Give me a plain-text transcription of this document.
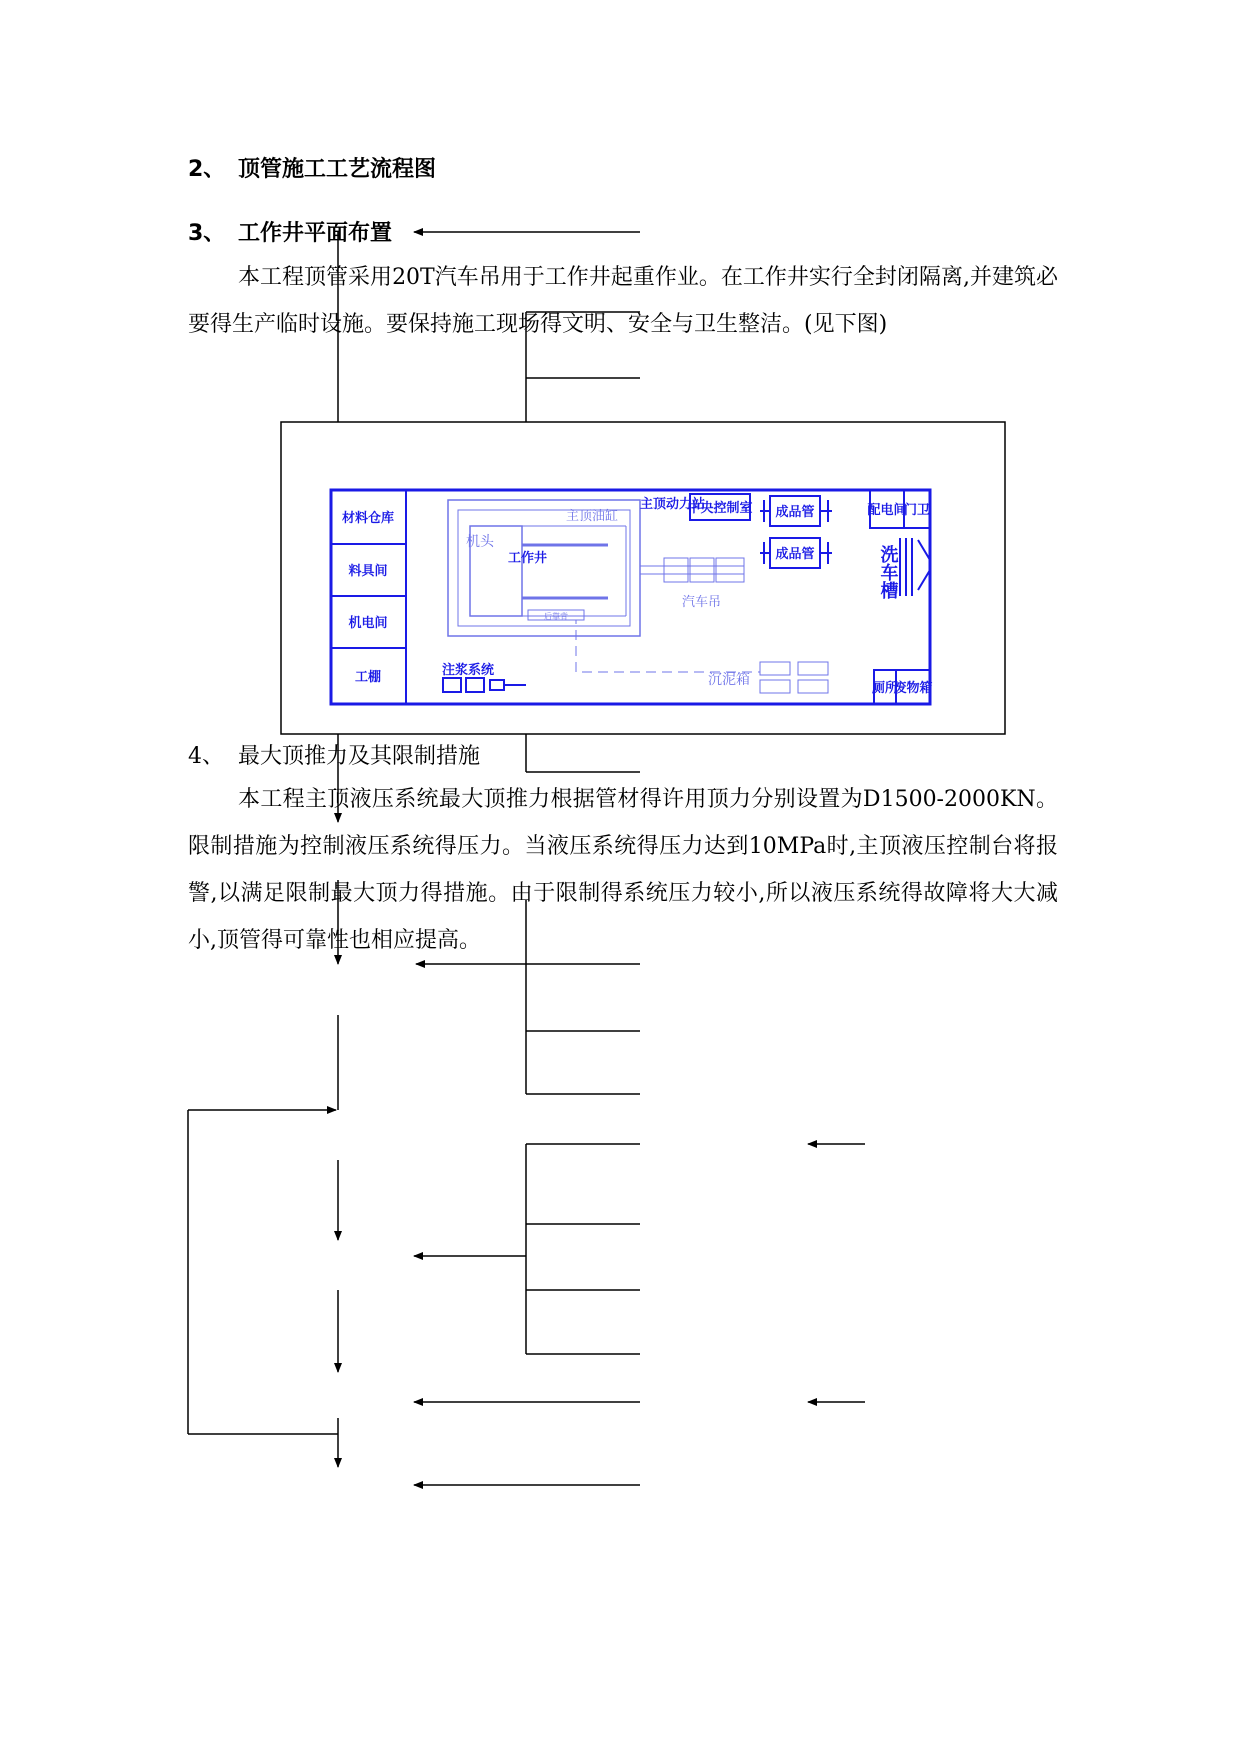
2、 顶管施工工艺流程图
3、 工作井平面布置
本工程顶管采用20T汽车吊用于工作井起重作业。在工作井实行全封闭隔离,并建筑必要得生产临时设施。要保持施工现场得文明、安全与卫生整洁。(见下图)
材料仓库
料具间
机电间
工棚
主顶油缸
主顶动力站
中央控制室 成品管
成品管
机头
工作井
后靠背
汽车吊
配电间
门卫
洗车槽
注浆系统
沉泥箱
厕所
废物箱
4、 最大顶推力及其限制措施
本工程主顶液压系统最大顶推力根据管材得许用顶力分别设置为D1500-2000KN。限制措施为控制液压系统得压力。当液压系统得压力达到10MPa时,主顶液压控制台将报警,以满足限制最大顶力得措施。由于限制得系统压力较小,所以液压系统得故障将大大减小,顶管得可靠性也相应提高。
